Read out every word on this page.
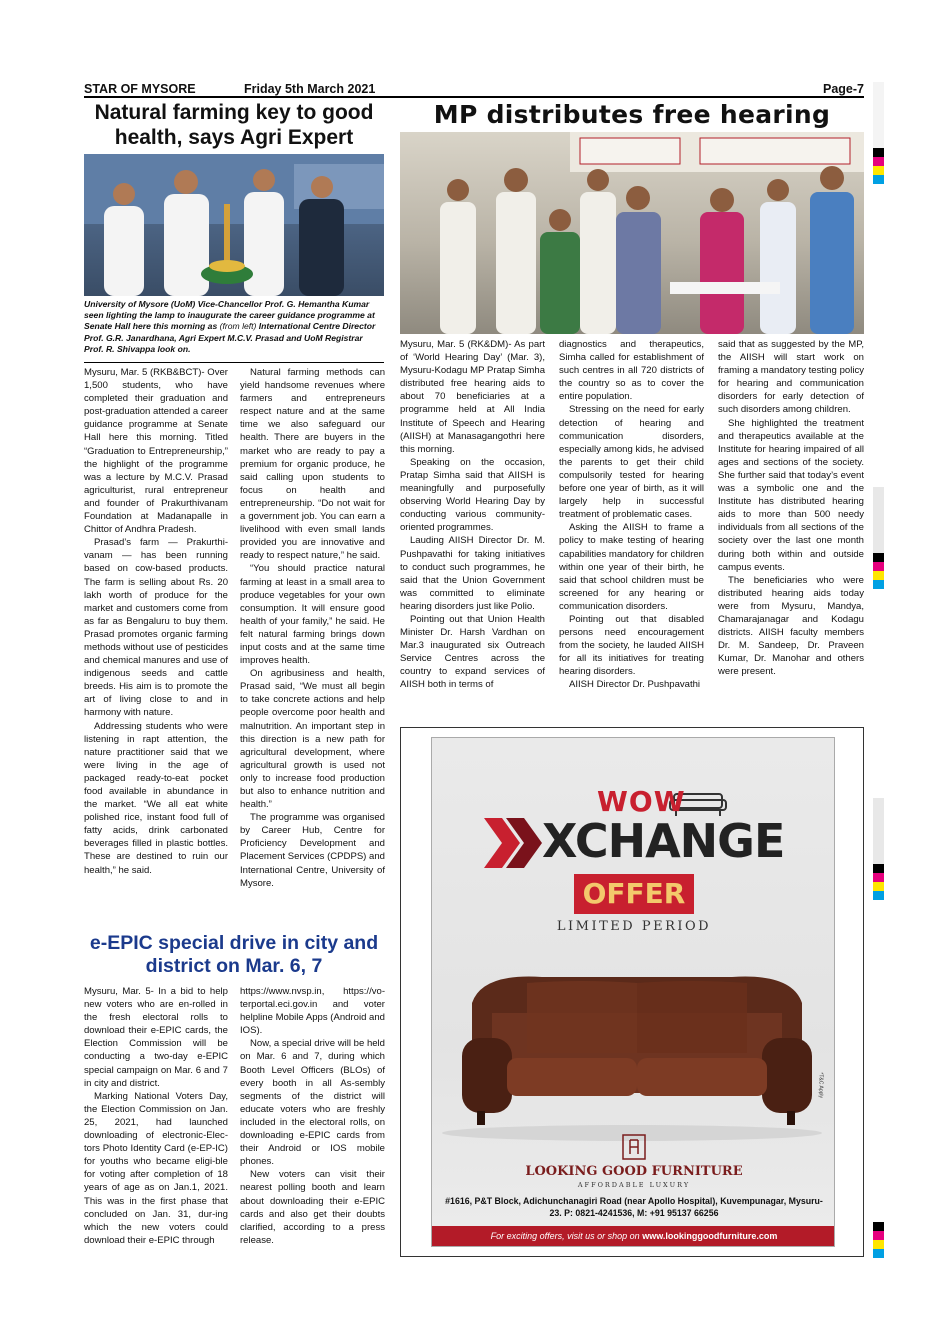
STAR OF MYSORE	Friday 5th March 2021	Page-7
Natural farming key to good health, says Agri Expert
University of Mysore (UoM) Vice-Chancellor Prof. G. Hemantha Kumar seen lighting the lamp to inaugurate the career guidance programme at Senate Hall here this morning as (from left) International Centre Director Prof. G.R. Janardhana, Agri Expert M.C.V. Prasad and UoM Registrar Prof. R. Shivappa look on.

Mysuru, Mar. 5 (RKB&BCT)- Over 1,500 students, who have completed their graduation and post-graduation attended a career guidance programme at Senate Hall here this morning. Titled “Graduation to Entrepreneurship,” the highlight of the programme was a lecture by M.C.V. Prasad agriculturist, rural entrepreneur and founder of Prakurthivanam Foundation at Madanapalle in Chittor of Andhra Pradesh.

Prasad’s farm — Prakurthi-vanam — has been running based on cow-based products. The farm is selling about Rs. 20 lakh worth of produce for the market and customers come from as far as Bengaluru to buy them. Prasad promotes organic farming methods without use of pesticides and chemical manures and use of indigenous seeds and cattle breeds. His aim is to promote the art of living close to and in harmony with nature.

Addressing students who were listening in rapt attention, the nature practitioner said that we were living in the age of packaged ready-to-eat pocket food available in abundance in the market. “We all eat white polished rice, instant food full of fatty acids, drink carbonated beverages filled in plastic bottles. These are destined to ruin our health,” he said.

Natural farming methods can yield handsome revenues where farmers and entrepreneurs respect nature and at the same time we also safeguard our health. There are buyers in the market who are ready to pay a premium for organic produce, he said calling upon students to focus on health and entrepreneurship. “Do not wait for a government job. You can earn a livelihood with even small lands provided you are innovative and ready to respect nature,” he said.

“You should practice natural farming at least in a small area to produce vegetables for your own consumption. It will ensure good health of your family,” he said. He felt natural farming brings down input costs and at the same time improves health.

On agribusiness and health, Prasad said, “We must all begin to take concrete actions and help people overcome poor health and malnutrition. An important step in this direction is a new path for agricultural development, where agricultural growth is used not only to increase food production but also to enhance nutrition and health.”

The programme was organised by Career Hub, Centre for Proficiency Development and Placement Services (CPDPS) and International Centre, University of Mysore.

e-EPIC special drive in city and district on Mar. 6, 7

Mysuru, Mar. 5- In a bid to help new voters who are en-rolled in the fresh electoral rolls to download their e-EPIC cards, the Election Commission will be conducting a two-day e-EPIC special campaign on Mar. 6 and 7 in city and district.

Marking National Voters Day, the Election Commission on Jan. 25, 2021, had launched downloading of electronic-Elec-tors Photo Identity Card (e-EP-IC) for youths who became eligi-ble for voting after completion of 18 years of age as on Jan.1, 2021. This was in the first phase that concluded on Jan. 31, dur-ing which the new voters could download their e-EPIC through

https://www.nvsp.in, https://vo-terportal.eci.gov.in and voter helpline Mobile Apps (Android and IOS).

Now, a special drive will be held on Mar. 6 and 7, during which Booth Level Officers (BLOs) of every booth in all As-sembly segments of the district will educate voters who are freshly included in the electoral rolls, on downloading e-EPIC cards from their Android or IOS mobile phones.

New voters can visit their nearest polling booth and learn about downloading their e-EPIC cards and also get their doubts clarified, according to a press release.

MP distributes free hearing

Mysuru, Mar. 5 (RK&DM)- As part of ‘World Hearing Day’ (Mar. 3), Mysuru-Kodagu MP Pratap Simha distributed free hearing aids to about 70 beneficiaries at a programme held at All India Institute of Speech and Hearing (AIISH) at Manasagangothri here this morning.

Speaking on the occasion, Pratap Simha said that AIISH is meaningfully and purposefully observing World Hearing Day by conducting various community-oriented programmes.

Lauding AIISH Director Dr. M. Pushpavathi for taking initiatives to conduct such programmes, he said that the Union Government was committed to eliminate hearing disorders just like Polio.

Pointing out that Union Health Minister Dr. Harsh Vardhan on Mar.3 inaugurated six Outreach Service Centres across the country to expand services of AIISH both in terms of

diagnostics and therapeutics, Simha called for establishment of such centres in all 720 districts of the country so as to cover the entire population.

Stressing on the need for early detection of hearing and communication disorders, especially among kids, he advised the parents to get their child compulsorily tested for hearing before one year of birth, as it will largely help in successful treatment of problematic cases.

Asking the AIISH to frame a policy to make testing of hearing capabilities mandatory for children within one year of their birth, he said that school children must be screened for any hearing or communication disorders.

Pointing out that disabled persons need encouragement from the society, he lauded AIISH for all its initiatives for treating hearing disorders.

AIISH Director Dr. Pushpavathi

said that as suggested by the MP, the AIISH will start work on framing a mandatory testing policy for hearing and communication disorders for early detection of such disorders among children.

She highlighted the treatment and therapeutics available at the Institute for hearing impaired of all ages and sections of the society. She further said that today’s event was a symbolic one and the Institute has distributed hearing aids to more than 500 needy individuals from all sections of the society over the last one month during both within and outside campus events.

The beneficiaries who were distributed hearing aids today were from Mysuru, Mandya, Chamarajanagar and Kodagu districts. AIISH faculty members Dr. M. Sandeep, Dr. Praveen Kumar, Dr. Manohar and others were present.

WOW
XCHANGE
OFFER
LIMITED PERIOD
LOOKING GOOD FURNITURE
AFFORDABLE LUXURY
#1616, P&T Block, Adichunchanagiri Road (near Apollo Hospital), Kuvempunagar, Mysuru-23. P: 0821-4241536, M: +91 95137 66256
*T&C Apply
For exciting offers, visit us or shop on www.lookinggoodfurniture.com
